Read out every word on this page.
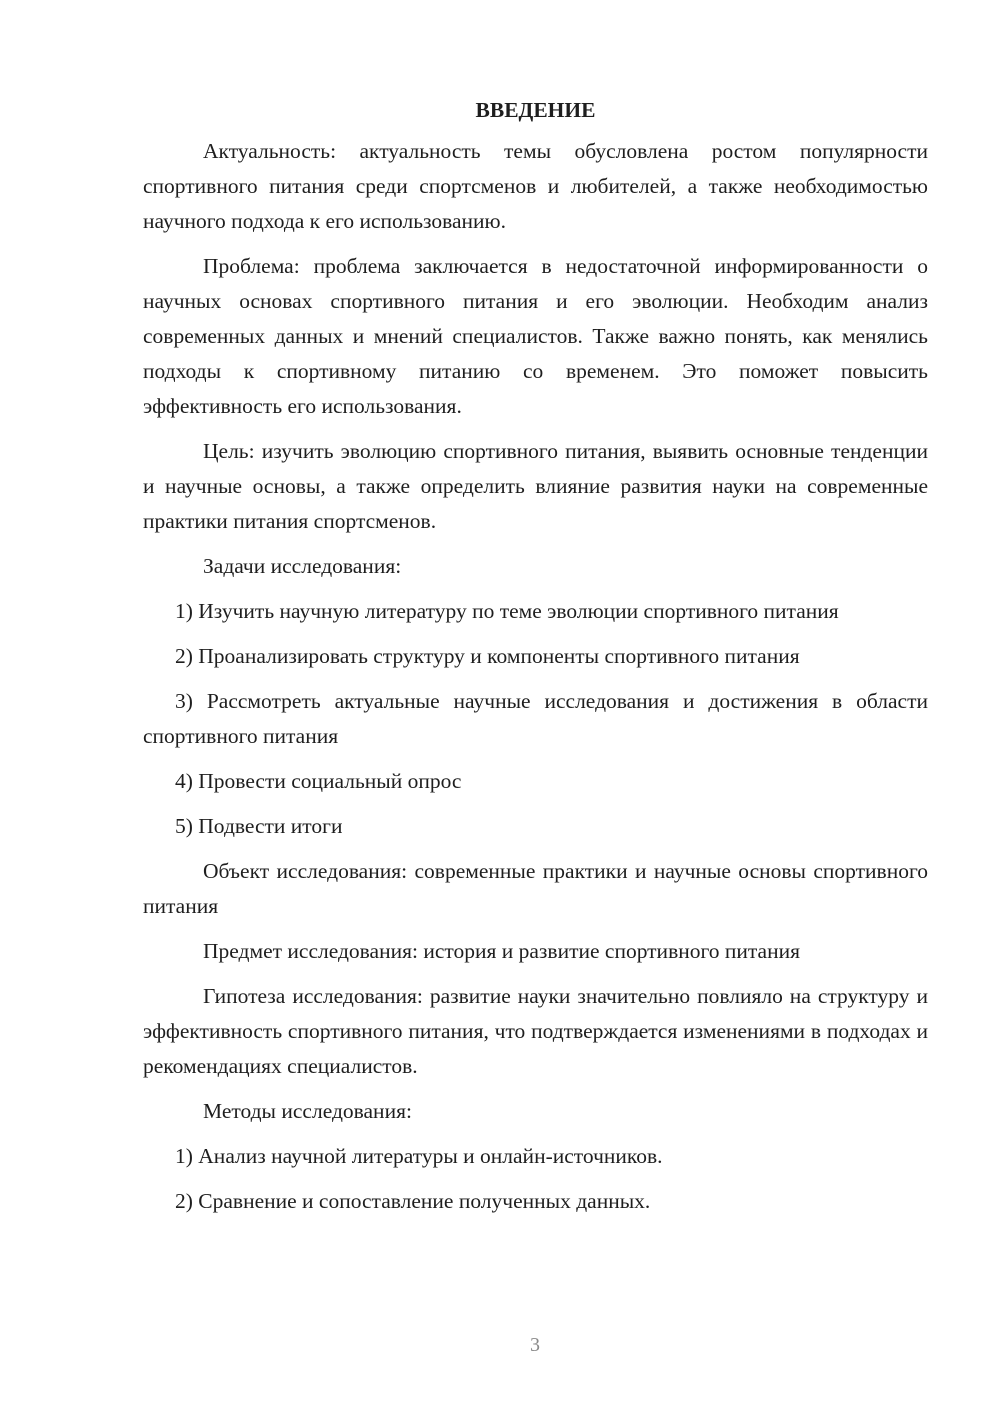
ВВЕДЕНИЕ

Актуальность: актуальность темы обусловлена ростом популярности спортивного питания среди спортсменов и любителей, а также необходимостью научного подхода к его использованию.

Проблема: проблема заключается в недостаточной информированности о научных основах спортивного питания и его эволюции. Необходим анализ современных данных и мнений специалистов. Также важно понять, как менялись подходы к спортивному питанию со временем. Это поможет повысить эффективность его использования.

Цель: изучить эволюцию спортивного питания, выявить основные тенденции и научные основы, а также определить влияние развития науки на современные практики питания спортсменов.

Задачи исследования:

1) Изучить научную литературу по теме эволюции спортивного питания

2) Проанализировать структуру и компоненты спортивного питания

3) Рассмотреть актуальные научные исследования и достижения в области спортивного питания

4) Провести социальный опрос

5) Подвести итоги

Объект исследования: современные практики и научные основы спортивного питания

Предмет исследования: история и развитие спортивного питания

Гипотеза исследования: развитие науки значительно повлияло на структуру и эффективность спортивного питания, что подтверждается изменениями в подходах и рекомендациях специалистов.

Методы исследования:

1) Анализ научной литературы и онлайн-источников.

2) Сравнение и сопоставление полученных данных.

3
